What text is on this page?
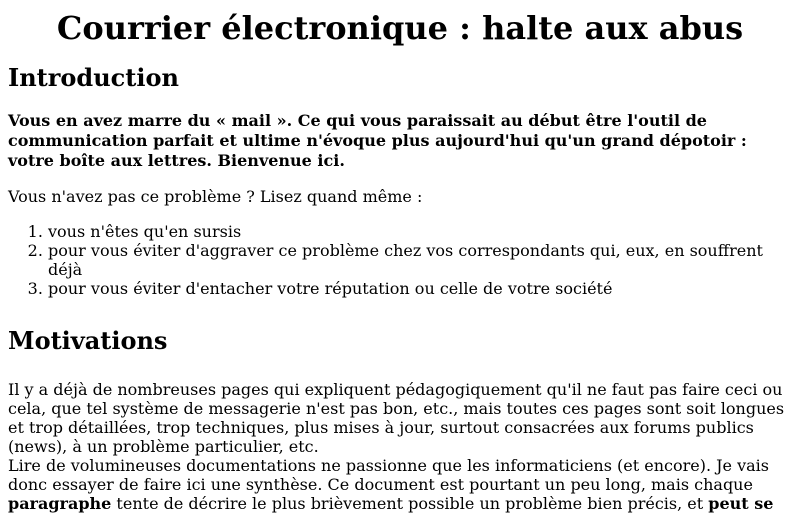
Courrier électronique : halte aux abus
Introduction

Vous en avez marre du « mail ». Ce qui vous paraissait au début être l'outil de communication parfait et ultime n'évoque plus aujourd'hui qu'un grand dépotoir : votre boîte aux lettres. Bienvenue ici.

Vous n'avez pas ce problème ? Lisez quand même :

1. vous n'êtes qu'en sursis
2. pour vous éviter d'aggraver ce problème chez vos correspondants qui, eux, en souffrent déjà
3. pour vous éviter d'entacher votre réputation ou celle de votre société
Motivations

Il y a déjà de nombreuses pages qui expliquent pédagogiquement qu'il ne faut pas faire ceci ou cela, que tel système de messagerie n'est pas bon, etc., mais toutes ces pages sont soit longues et trop détaillées, trop techniques, plus mises à jour, surtout consacrées aux forums publics (news), à un problème particulier, etc.
Lire de volumineuses documentations ne passionne que les informaticiens (et encore). Je vais donc essayer de faire ici une synthèse. Ce document est pourtant un peu long, mais chaque paragraphe tente de décrire le plus brièvement possible un problème bien précis, et peut se
